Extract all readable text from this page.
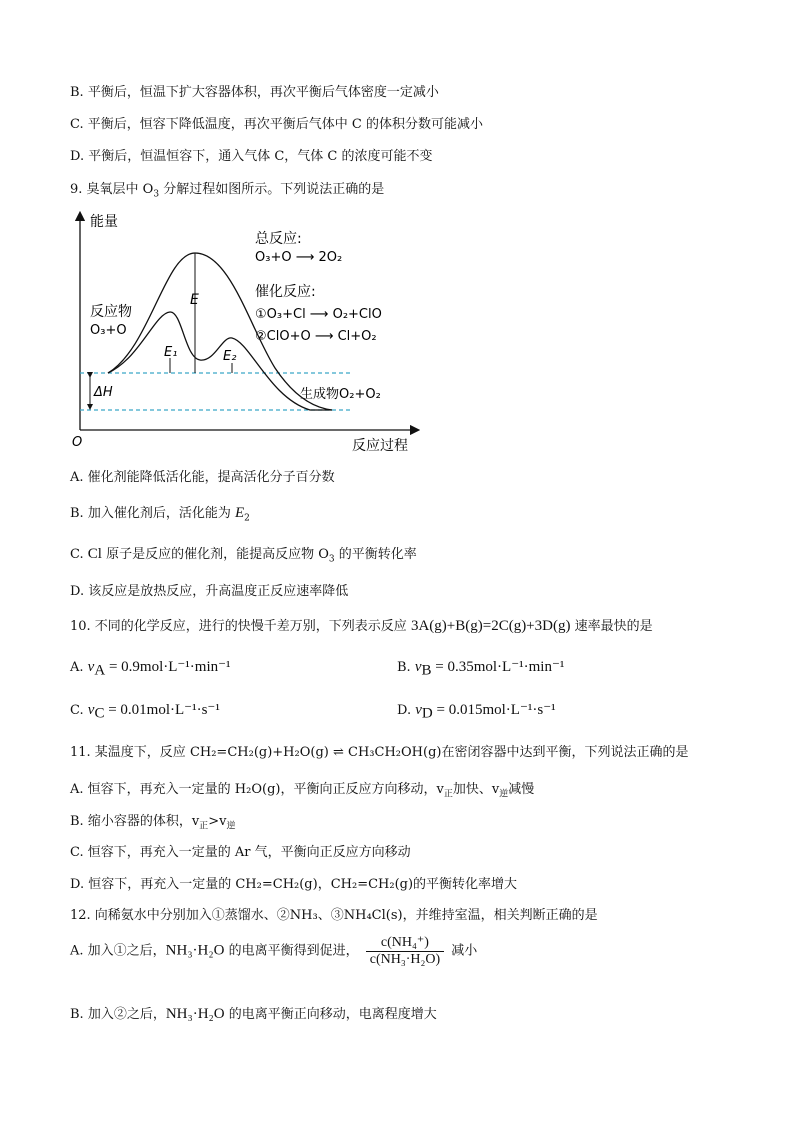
B. 平衡后，恒温下扩大容器体积，再次平衡后气体密度一定减小
C. 平衡后，恒容下降低温度，再次平衡后气体中 C 的体积分数可能减小
D. 平衡后，恒温恒容下，通入气体 C，气体 C 的浓度可能不变
9. 臭氧层中 $O_3$ 分解过程如图所示。下列说法正确的是
能量
反应过程
O
E
E₁	E₂
ΔH
反应物
O₃+O
生成物O₂+O₂
总反应:
O₃+O ⟶ 2O₂
催化反应:
①O₃+Cl ⟶ O₂+ClO
②ClO+O ⟶ Cl+O₂
A. 催化剂能降低活化能，提高活化分子百分数
B. 加入催化剂后，活化能为 $E_2$
C. Cl 原子是反应的催化剂，能提高反应物 $O_3$ 的平衡转化率
D. 该反应是放热反应，升高温度正反应速率降低
10. 不同的化学反应，进行的快慢千差万别，下列表示反应 3A(g)+B(g)=2C(g)+3D(g) 速率最快的是
A. $v_A = 0.9mol\cdot L^{-1}\cdot\min^{-1}$	B. $v_B = 0.35mol\cdot L^{-1}\cdot\min^{-1}$
C. $v_C = 0.01mol\cdot L^{-1}\cdot s^{-1}$	D. $v_D = 0.015mol\cdot L^{-1}\cdot s^{-1}$
11. 某温度下，反应 CH₂=CH₂(g)+H₂O(g) ⇌ CH₃CH₂OH(g)在密闭容器中达到平衡，下列说法正确的是
A. 恒容下，再充入一定量的 H₂O(g)，平衡向正反应方向移动，$v_正$加快、$v_逆$减慢
B. 缩小容器的体积，$v_正>v_逆$
C. 恒容下，再充入一定量的 Ar 气，平衡向正反应方向移动
D. 恒容下，再充入一定量的 CH₂=CH₂(g)，CH₂=CH₂(g)的平衡转化率增大
12. 向稀氨水中分别加入①蒸馏水、②NH₃、③NH₄Cl(s)，并维持室温，相关判断正确的是
A. 加入①之后，NH₃·H₂O 的电离平衡得到促进， $\frac{\text{c(NH₄⁺)}}{\text{c(NH₃·H₂O)}}$ 减小
B. 加入②之后，NH₃·H₂O 的电离平衡正向移动，电离程度增大
